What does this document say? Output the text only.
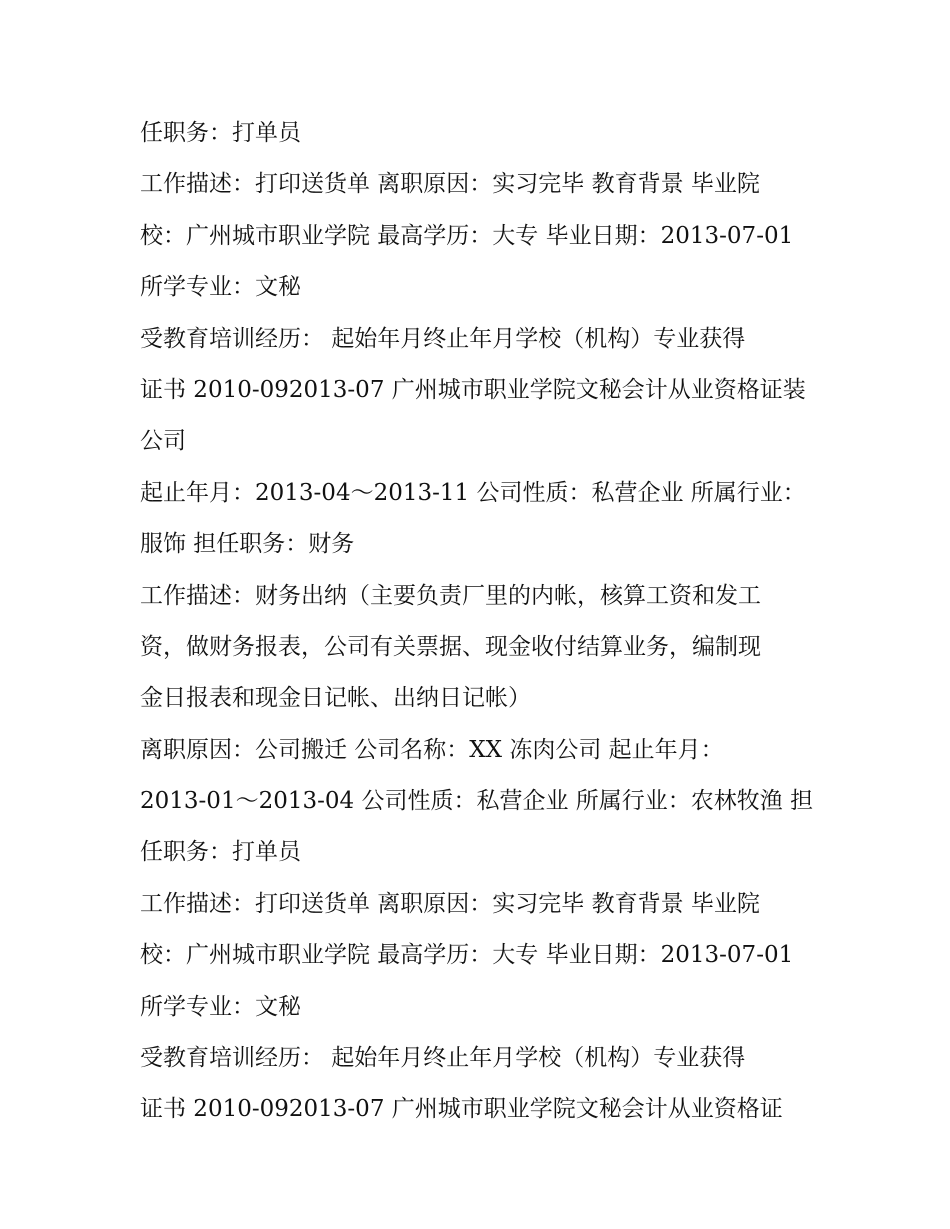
任职务：打单员
工作描述：打印送货单 离职原因：实习完毕 教育背景 毕业院
校：广州城市职业学院 最高学历：大专 毕业日期：2013-07-01
所学专业：文秘
受教育培训经历： 起始年月终止年月学校（机构）专业获得
证书 2010-092013-07 广州城市职业学院文秘会计从业资格证装
公司
起止年月：2013-04～2013-11 公司性质：私营企业 所属行业：
服饰 担任职务：财务
工作描述：财务出纳（主要负责厂里的内帐，核算工资和发工
资，做财务报表，公司有关票据、现金收付结算业务，编制现
金日报表和现金日记帐、出纳日记帐）
离职原因：公司搬迁 公司名称：XX 冻肉公司 起止年月：
2013-01～2013-04 公司性质：私营企业 所属行业：农林牧渔 担
任职务：打单员
工作描述：打印送货单 离职原因：实习完毕 教育背景 毕业院
校：广州城市职业学院 最高学历：大专 毕业日期：2013-07-01
所学专业：文秘
受教育培训经历： 起始年月终止年月学校（机构）专业获得
证书 2010-092013-07 广州城市职业学院文秘会计从业资格证
